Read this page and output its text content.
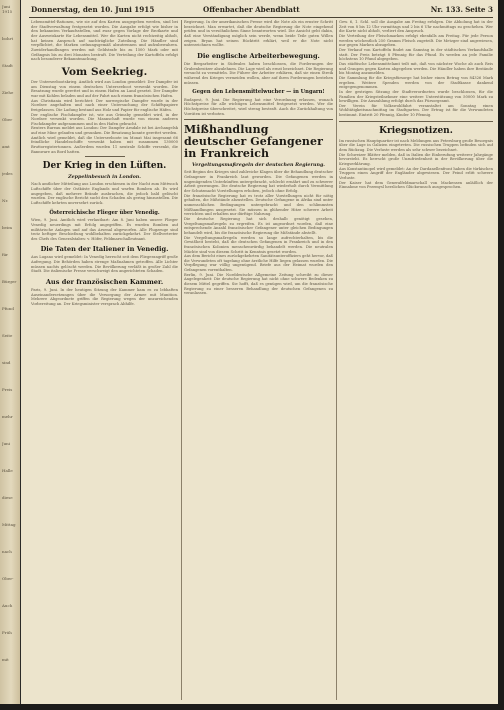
Juni 1915
bohrt
Stadt
Ziehe
Ober
amt
jedes
Nr.
beim
für
Bürger
Pfund
Seite
sind
Preis
mehr
Juni
Halle
diese
Mittag
nach
Ober-
Auch
Früh
mit
Donnerstag, den 10. Juni 1915	Offenbacher Abendblatt	Nr. 133. Seite 3

Lebensmittel-Rationen, wie sie auf den Karten ausgegeben werden, sind bei der Stadtverwaltung festgesetzt worden. Die Ausgabe erfolgt wie bisher in den bekannten Verkaufsstellen, und zwar gegen Vorlage der Brotkarte und der Ausweiskarte für Lebensmittel. Wer die Karten nicht rechtzeitig abholt, hat keinen Anspruch auf nachträgliche Zuteilung. Die Händler sind verpflichtet, die Marken ordnungsgemäß abzutrennen und aufzubewahren. Zuwiderhandlungen werden mit Geldstrafe bis zu 1500 Mark oder mit Gefängnis bis zu drei Monaten bestraft. Die Verteilung der Kartoffeln erfolgt nach besonderer Bekanntmachung.

Vom Seekrieg.

Der Unterseebootskrieg. Amtlich wird aus London gemeldet: Der Dampfer ist am Dienstag von einem deutschen Unterseeboot versenkt worden. Die Besatzung wurde gerettet und in einem Hafen an Land gesetzt. Der Dampfer war mit Kohlen beladen und auf der Fahrt nach einem französischen Hafen.

Aus Christiania wird berichtet: Der norwegische Dampfer wurde in der Nordsee angehalten und nach einer Untersuchung der Schiffspapiere freigelassen. Die Ladung bestand aus Holz und Papier für englische Häfen.

Der englische Fischdampfer ist, wie aus Grimsby gemeldet wird, in der Nordsee versenkt worden. Die Mannschaft wurde von einem anderen Fischdampfer aufgenommen und in den Hafen gebracht.

Reuters Bureau meldet aus London: Der Dampfer Arndale ist bei Archangelsk auf eine Mine gelaufen und gesunken. Die Besatzung konnte gerettet werden.

Amtlich wird gemeldet, daß die Unterseeboote im Monat Mai insgesamt 66 feindliche Handelsschiffe versenkt haben mit zusammen 130000 Bruttoregistertonnen. Außerdem wurden 11 neutrale Schiffe versenkt, die Bannware an Bord hatten.

Der Krieg in den Lüften.
Zeppelinbesuch in London.

Nach amtlicher Mitteilung aus London erschienen in der Nacht zum Mittwoch Luftschiffe über der Ostküste Englands und warfen Bomben ab. Es wird angegeben, daß mehrere Brände ausbrachen, die jedoch bald gelöscht wurden. Der englische Bericht sucht den Schaden als gering hinzustellen. Die Luftschiffe kehrten unversehrt zurück.

Österreichische Flieger über Venedig.

Wien, 9. Juni. Amtlich wird verlautbart: Am 8. Juni haben unsere Flieger Venedig neuerdings mit Erfolg angegriffen. Es wurden Bomben auf militärische Anlagen und auf das Arsenal abgeworfen. Alle Flugzeuge sind trotz heftiger Beschießung wohlbehalten zurückgekehrt. Der Stellvertreter des Chefs des Generalstabes: v. Höfer, Feldmarschalleutnant.

Die Taten der Italiener in Venedig.

Aus Lugano wird gemeldet: In Venedig herrscht seit dem Fliegerangriff große Aufregung. Die Behörden haben strenge Maßnahmen getroffen. Alle Lichter müssen nachts gelöscht werden. Die Bevölkerung verläßt in großer Zahl die Stadt. Die italienische Presse verschweigt den angerichteten Schaden.

Aus der französischen Kammer.

Paris, 9. Juni. In der heutigen Sitzung der Kammer kam es zu lebhaften Auseinandersetzungen über die Versorgung der Armee mit Munition. Mehrere Abgeordnete griffen die Regierung wegen der unzureichenden Vorbereitung an. Der Kriegsminister versprach Abhilfe.

Regierung. In der amerikanischen Presse wird die Note als ein ernster Schritt bezeichnet. Man erwartet, daß die deutsche Regierung die Note eingehend prüfen und in versöhnlichem Sinne beantworten wird. Die Ansicht geht dahin, daß eine Verständigung möglich sein werde, wenn beide Teile guten Willen zeigen. Bryan hat seinen Rücktritt erklärt, weil er die Note nicht unterzeichnen wollte.

Die englische Arbeiterbewegung.

Die Bergarbeiter in Südwales haben beschlossen, die Forderungen der Grubenbesitzer abzulehnen. Die Lage wird als ernst bezeichnet. Die Regierung versucht zu vermitteln. Die Führer der Arbeiter erklären, daß sie einen Streik während des Krieges vermeiden wollen, aber auf ihren Forderungen bestehen müssen.

Gegen den Lebensmittelwucher — in Ungarn!

Budapest, 9. Juni. Die Regierung hat eine Verordnung erlassen, wonach Höchstpreise für alle wichtigen Lebensmittel festgesetzt werden. Wer die Höchstpreise überschreitet, wird streng bestraft. Auch die Zurückhaltung von Vorräten ist verboten.

Mißhandlung deutscher Gefangener in Frankreich
Vergeltungsmaßregeln der deutschen Regierung.

Seit Beginn des Krieges sind zahlreiche Klagen über die Behandlung deutscher Gefangener in Frankreich laut geworden. Die Gefangenen werden in ungenügenden Unterkünften untergebracht, schlecht ernährt und zu schwerer Arbeit gezwungen. Die deutsche Regierung hat wiederholt durch Vermittlung der Schutzmacht Vorstellungen erhoben, jedoch ohne Erfolg.

Die französische Regierung hat es trotz aller Vorstellungen nicht für nötig gehalten, die Mißstände abzustellen. Deutsche Gefangene in Afrika sind unter unmenschlichen Bedingungen untergebracht und den schlimmsten Mißhandlungen ausgesetzt. Sie müssen in glühender Hitze schwere Arbeit verrichten und erhalten nur dürftige Nahrung.

Die deutsche Regierung hat sich deshalb genötigt gesehen, Vergeltungsmaßregeln zu ergreifen. Es ist angeordnet worden, daß eine entsprechende Anzahl französischer Gefangener unter gleichen Bedingungen behandelt wird, bis die französische Regierung die Mißstände abstellt.

Die Vergeltungsmaßregeln werden so lange aufrechterhalten, bis die Gewißheit besteht, daß die deutschen Gefangenen in Frankreich und in den französischen Kolonien menschenwürdig behandelt werden. Die neutralen Mächte sind von diesem Schritt in Kenntnis gesetzt worden.

Aus dem Bericht eines zurückgekehrten Sanitätsunteroffiziers geht hervor, daß die Verwundeten oft tagelang ohne ärztliche Hilfe liegen gelassen wurden. Die Verpflegung war völlig ungenügend. Briefe aus der Heimat wurden den Gefangenen vorenthalten.

Berlin, 9. Juni. Die Norddeutsche Allgemeine Zeitung schreibt zu dieser Angelegenheit: Die deutsche Regierung hat nicht ohne schwere Bedenken zu diesem Mittel gegriffen. Sie hofft, daß es genügen wird, um die französische Regierung zu einer besseren Behandlung der deutschen Gefangenen zu veranlassen.

Gew. 6, 1. Schl. soll die Ausgabe am Freitag erfolgen. Die Abholung hat in der Zeit von 8 bis 12 Uhr vormittags und 2 bis 6 Uhr nachmittags zu geschehen. Wer die Karte nicht abholt, verliert den Anspruch.

Die Verteilung der Fleischmarken erfolgt ebenfalls am Freitag. Für jede Person werden wöchentlich 250 Gramm Fleisch zugeteilt. Die Metzger sind angewiesen, nur gegen Marken abzugeben.

Der Verkauf von Kartoffeln findet am Samstag in der städtischen Verkaufshalle statt. Der Preis beträgt 8 Pfennig für das Pfund. Es werden an jede Familie höchstens 10 Pfund abgegeben.

Das städtische Lebensmittelamt teilt mit, daß von nächster Woche ab auch Reis und Graupen gegen Karten abgegeben werden. Die Händler haben ihre Bestände bis Montag anzumelden.

Die Sammlung für die Kriegsfürsorge hat bisher einen Betrag von 84326 Mark ergeben. Weitere Spenden werden von der Stadtkasse dankend entgegengenommen.

In der gestrigen Sitzung der Stadtverordneten wurde beschlossen, für die Familien der Kriegsteilnehmer eine weitere Unterstützung von 50000 Mark zu bewilligen. Die Auszahlung erfolgt durch das Fürsorgeamt.

Der Verein für Volkswohlfahrt veranstaltet am Sonntag einen Wohltätigkeitsnachmittag im Stadtgarten. Der Ertrag ist für die Verwundeten bestimmt. Eintritt 20 Pfennig, Kinder 10 Pfennig.

Kriegsnotizen.

Im russischen Hauptquartier ist nach Meldungen aus Petersburg große Besorgnis über die Lage in Galizien eingetreten. Die russischen Truppen befinden sich auf dem Rückzug. Die Verluste werden als sehr schwer bezeichnet.

Die Schweizer Blätter melden, daß in Italien die Einberufung weiterer Jahrgänge bevorsteht. Es herrscht große Unzufriedenheit in der Bevölkerung über die Kriegserklärung.

Aus Konstantinopel wird gemeldet: An der Dardanellenfront haben die türkischen Truppen einen Angriff der Engländer abgewiesen. Der Feind erlitt schwere Verluste.

Der Kaiser hat dem Generalfeldmarschall von Mackensen anläßlich der Einnahme von Przemysl herzlichen Glückwunsch ausgesprochen.
